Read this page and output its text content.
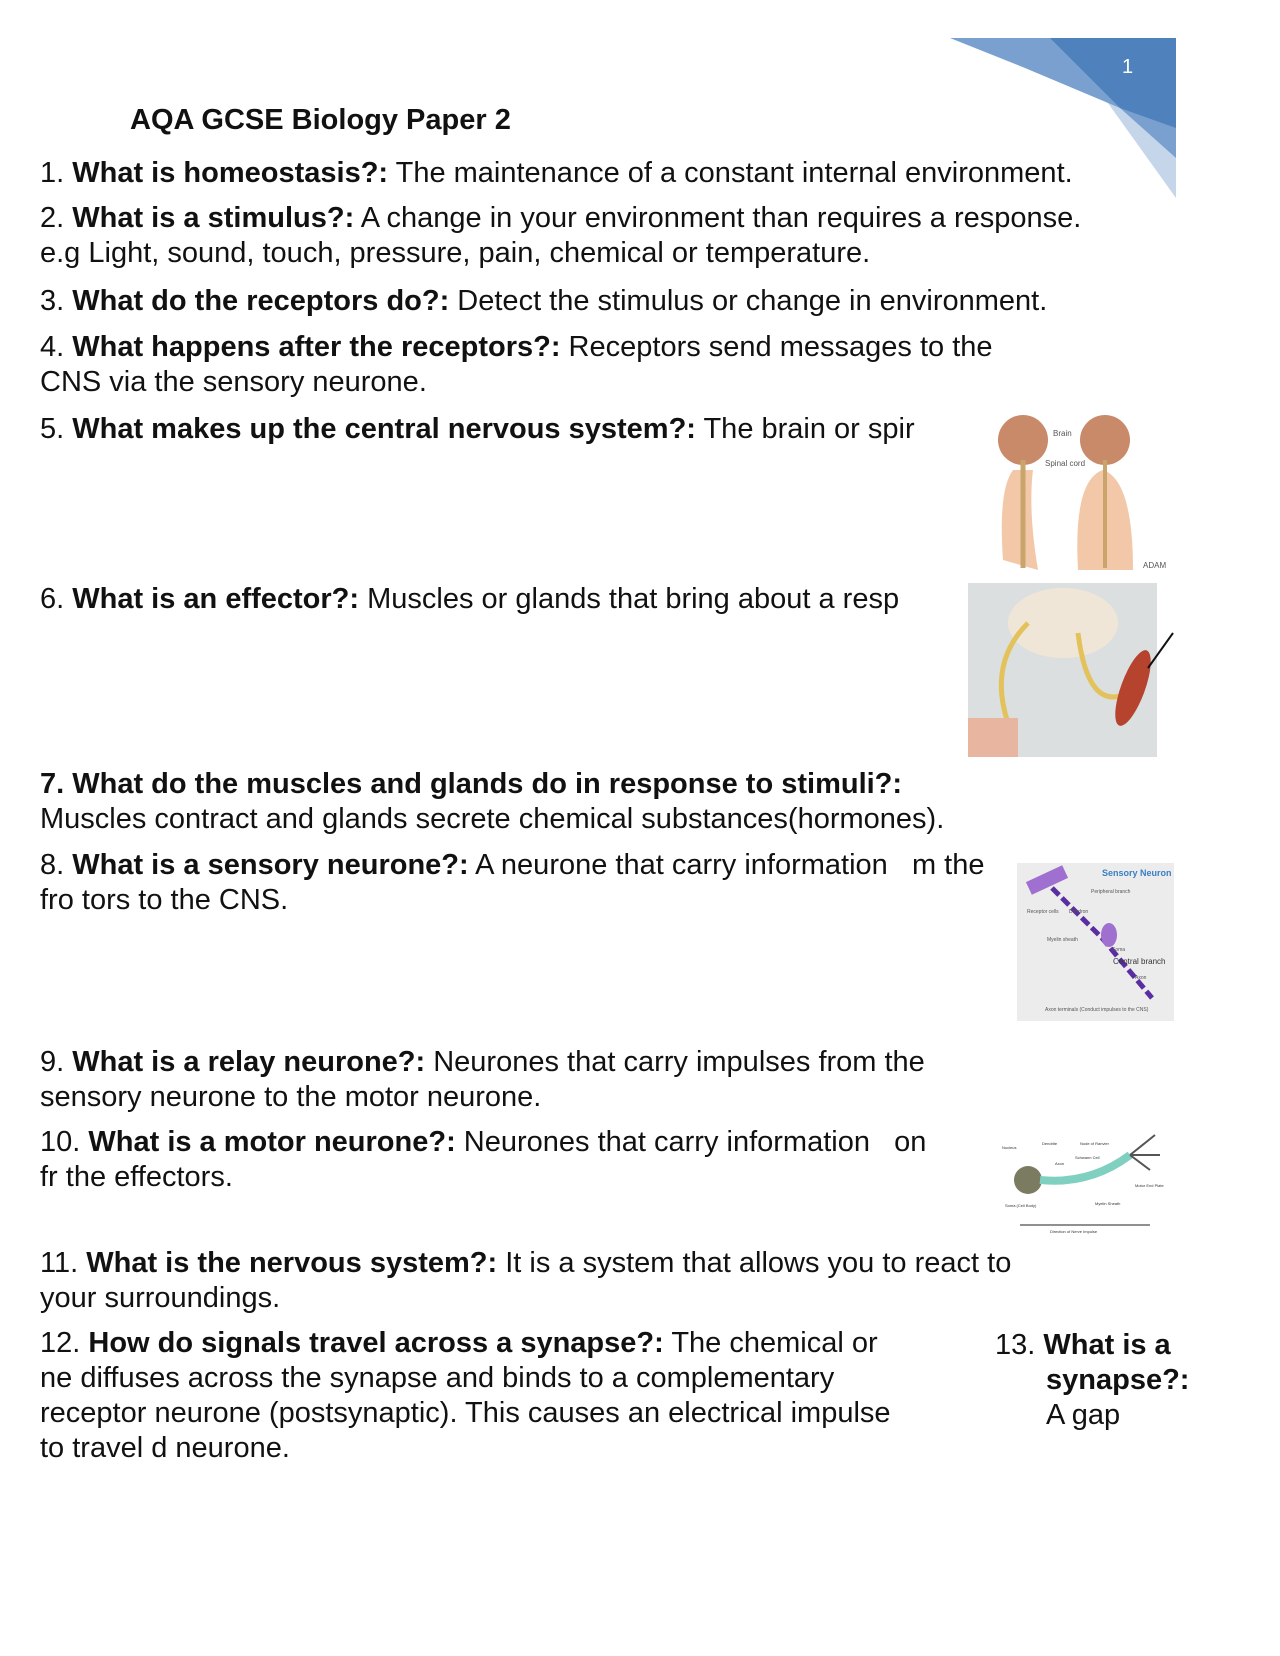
1
AQA GCSE Biology Paper 2
1. What is homeostasis?: The maintenance of a constant internal environment.
2. What is a stimulus?: A change in your environment than requires a response.
e.g Light, sound, touch, pressure, pain, chemical or temperature.
3. What do the receptors do?: Detect the stimulus or change in environment.
4. What happens after the receptors?: Receptors send messages to the
CNS via the sensory neurone.
5. What makes up the central nervous system?: The brain or spir
6. What is an effector?: Muscles or glands that bring about a resp
7. What do the muscles and glands do in response to stimuli?:
Muscles contract and glands secrete chemical substances(hormones).
8. What is a sensory neurone?: A neurone that carry information   m the
fro tors to the CNS.
9. What is a relay neurone?: Neurones that carry impulses from the
sensory neurone to the motor neurone.
10. What is a motor neurone?: Neurones that carry information   on
fr the effectors.
11. What is the nervous system?: It is a system that allows you to react to
your surroundings.
12. How do signals travel across a synapse?: The chemical or
ne diffuses across the synapse and binds to a complementary
receptor neurone (postsynaptic). This causes an electrical impulse
to travel d neurone.
13. What is a
synapse?:
A gap
Brain
Spinal cord
ADAM
Sensory Neuron
Peripheral branch
Receptor cells Dendron
Myelin sheath
Soma
Central branch
Axon
Axon terminals (Conduct impulses to the CNS)
Nucleus
Dendrite	Node of Ranvier
Schwann Cell
Axon
Motor End Plate
Soma (Cell Body)	Myelin Sheath
Direction of Nerve Impulse
